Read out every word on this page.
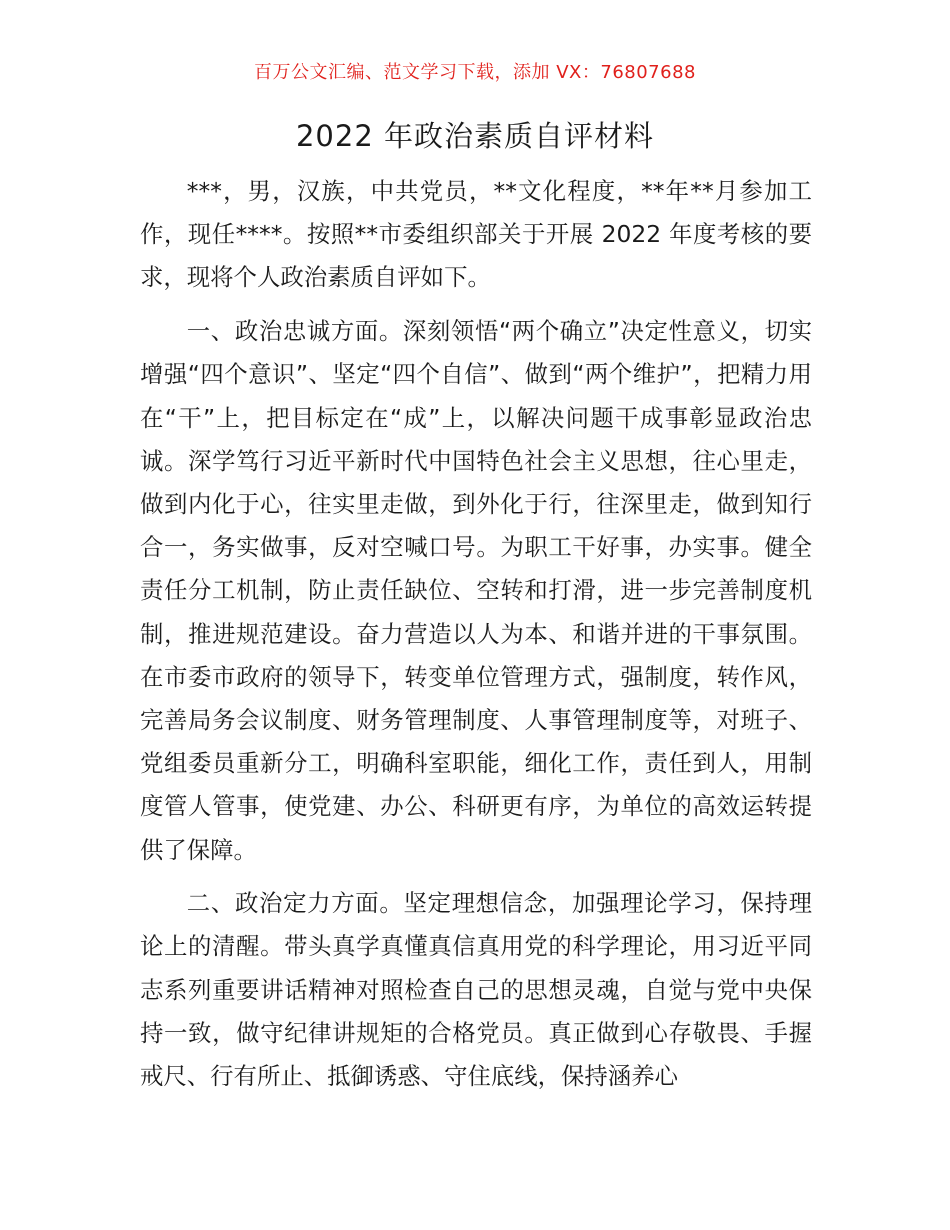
百万公文汇编、范文学习下载，添加 VX：76807688
2022 年政治素质自评材料

***，男，汉族，中共党员，**文化程度，**年**月参加工作，现任****。按照**市委组织部关于开展 2022 年度考核的要求，现将个人政治素质自评如下。

一、政治忠诚方面。深刻领悟“两个确立”决定性意义，切实增强“四个意识”、坚定“四个自信”、做到“两个维护”，把精力用在“干”上，把目标定在“成”上，以解决问题干成事彰显政治忠诚。深学笃行习近平新时代中国特色社会主义思想，往心里走，做到内化于心，往实里走做，到外化于行，往深里走，做到知行合一，务实做事，反对空喊口号。为职工干好事，办实事。健全责任分工机制，防止责任缺位、空转和打滑，进一步完善制度机制，推进规范建设。奋力营造以人为本、和谐并进的干事氛围。在市委市政府的领导下，转变单位管理方式，强制度，转作风，完善局务会议制度、财务管理制度、人事管理制度等，对班子、党组委员重新分工，明确科室职能，细化工作，责任到人，用制度管人管事，使党建、办公、科研更有序，为单位的高效运转提供了保障。

二、政治定力方面。坚定理想信念，加强理论学习，保持理论上的清醒。带头真学真懂真信真用党的科学理论，用习近平同志系列重要讲话精神对照检查自己的思想灵魂，自觉与党中央保持一致，做守纪律讲规矩的合格党员。真正做到心存敬畏、手握戒尺、行有所止、抵御诱惑、守住底线，保持涵养心
